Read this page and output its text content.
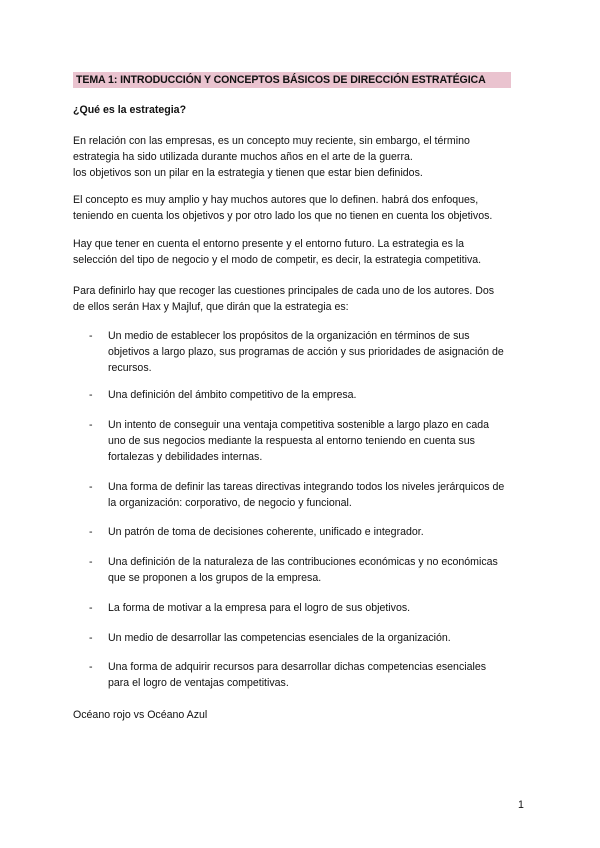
TEMA 1: INTRODUCCIÓN Y CONCEPTOS BÁSICOS DE DIRECCIÓN ESTRATÉGICA
¿Qué es la estrategia?

En relación con las empresas, es un concepto muy reciente, sin embargo, el término
estrategia ha sido utilizada durante muchos años en el arte de la guerra.
los objetivos son un pilar en la estrategia y tienen que estar bien definidos.

El concepto es muy amplio y hay muchos autores que lo definen. habrá dos enfoques,
teniendo en cuenta los objetivos y por otro lado los que no tienen en cuenta los objetivos.

Hay que tener en cuenta el entorno presente y el entorno futuro. La estrategia es la
selección del tipo de negocio y el modo de competir, es decir, la estrategia competitiva.

Para definirlo hay que recoger las cuestiones principales de cada uno de los autores. Dos
de ellos serán Hax y Majluf, que dirán que la estrategia es:

- Un medio de establecer los propósitos de la organización en términos de sus
objetivos a largo plazo, sus programas de acción y sus prioridades de asignación de
recursos.
- Una definición del ámbito competitivo de la empresa.
- Un intento de conseguir una ventaja competitiva sostenible a largo plazo en cada
uno de sus negocios mediante la respuesta al entorno teniendo en cuenta sus
fortalezas y debilidades internas.
- Una forma de definir las tareas directivas integrando todos los niveles jerárquicos de
la organización: corporativo, de negocio y funcional.
- Un patrón de toma de decisiones coherente, unificado e integrador.
- Una definición de la naturaleza de las contribuciones económicas y no económicas
que se proponen a los grupos de la empresa.
- La forma de motivar a la empresa para el logro de sus objetivos.
- Un medio de desarrollar las competencias esenciales de la organización.
- Una forma de adquirir recursos para desarrollar dichas competencias esenciales
para el logro de ventajas competitivas.
Océano rojo vs Océano Azul
1
